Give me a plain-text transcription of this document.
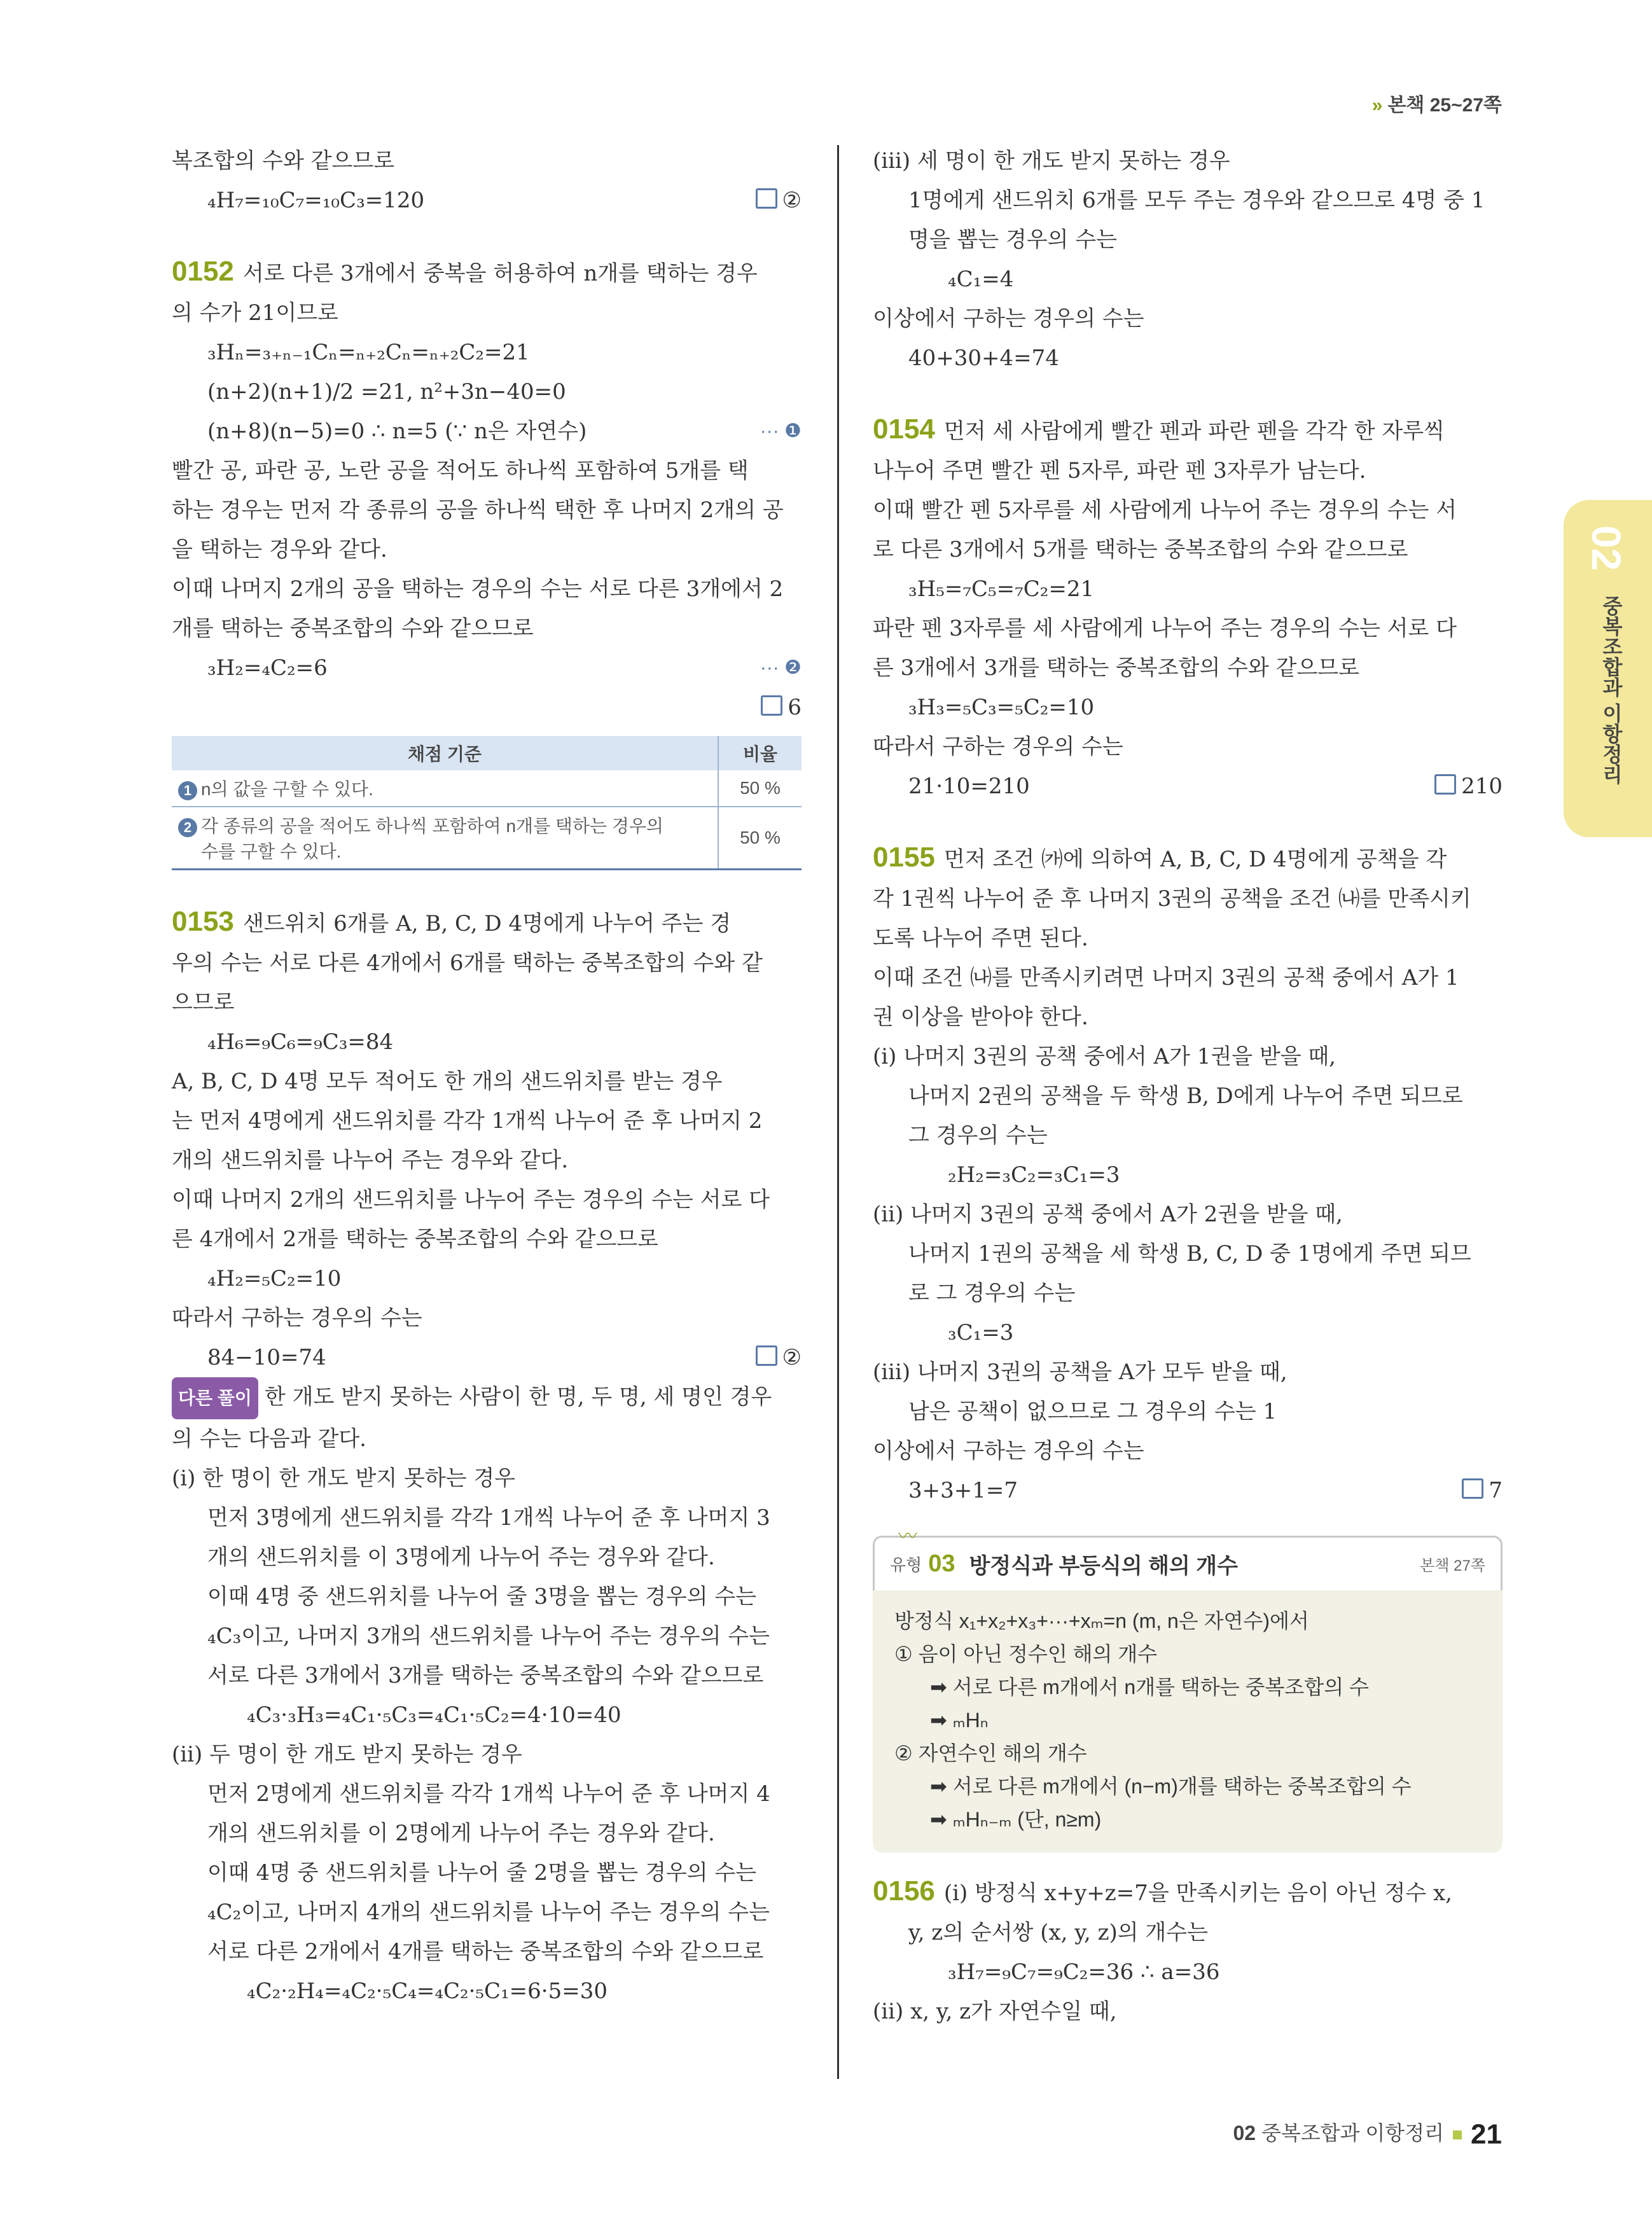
» 본책 25~27쪽
02
중복조합과 이항정리
복조합의 수와 같으므로
₄H₇=₁₀C₇=₁₀C₃=120	②
0152 서로 다른 3개에서 중복을 허용하여 n개를 택하는 경우
의 수가 21이므로
₃Hₙ=₃₊ₙ₋₁Cₙ=ₙ₊₂Cₙ=ₙ₊₂C₂=21
(n+2)(n+1)/2 =21, n²+3n−40=0
(n+8)(n−5)=0 ∴ n=5 (∵ n은 자연수)	··· ❶
빨간 공, 파란 공, 노란 공을 적어도 하나씩 포함하여 5개를 택
하는 경우는 먼저 각 종류의 공을 하나씩 택한 후 나머지 2개의 공
을 택하는 경우와 같다.
이때 나머지 2개의 공을 택하는 경우의 수는 서로 다른 3개에서 2
개를 택하는 중복조합의 수와 같으므로
₃H₂=₄C₂=6	··· ❷
6

채점 기준	비율
1 n의 값을 구할 수 있다.	50 %
2 각 종류의 공을 적어도 하나씩 포함하여 n개를 택하는 경우의
수를 구할 수 있다.	50 %
0153 샌드위치 6개를 A, B, C, D 4명에게 나누어 주는 경
우의 수는 서로 다른 4개에서 6개를 택하는 중복조합의 수와 같
으므로
₄H₆=₉C₆=₉C₃=84
A, B, C, D 4명 모두 적어도 한 개의 샌드위치를 받는 경우
는 먼저 4명에게 샌드위치를 각각 1개씩 나누어 준 후 나머지 2
개의 샌드위치를 나누어 주는 경우와 같다.
이때 나머지 2개의 샌드위치를 나누어 주는 경우의 수는 서로 다
른 4개에서 2개를 택하는 중복조합의 수와 같으므로
₄H₂=₅C₂=10
따라서 구하는 경우의 수는
84−10=74	②
다른 풀이 한 개도 받지 못하는 사람이 한 명, 두 명, 세 명인 경우
의 수는 다음과 같다.
(ⅰ) 한 명이 한 개도 받지 못하는 경우
먼저 3명에게 샌드위치를 각각 1개씩 나누어 준 후 나머지 3
개의 샌드위치를 이 3명에게 나누어 주는 경우와 같다.
이때 4명 중 샌드위치를 나누어 줄 3명을 뽑는 경우의 수는
₄C₃이고, 나머지 3개의 샌드위치를 나누어 주는 경우의 수는
서로 다른 3개에서 3개를 택하는 중복조합의 수와 같으므로
₄C₃·₃H₃=₄C₁·₅C₃=₄C₁·₅C₂=4·10=40
(ⅱ) 두 명이 한 개도 받지 못하는 경우
먼저 2명에게 샌드위치를 각각 1개씩 나누어 준 후 나머지 4
개의 샌드위치를 이 2명에게 나누어 주는 경우와 같다.
이때 4명 중 샌드위치를 나누어 줄 2명을 뽑는 경우의 수는
₄C₂이고, 나머지 4개의 샌드위치를 나누어 주는 경우의 수는
서로 다른 2개에서 4개를 택하는 중복조합의 수와 같으므로
₄C₂·₂H₄=₄C₂·₅C₄=₄C₂·₅C₁=6·5=30
(ⅲ) 세 명이 한 개도 받지 못하는 경우
1명에게 샌드위치 6개를 모두 주는 경우와 같으므로 4명 중 1
명을 뽑는 경우의 수는
₄C₁=4
이상에서 구하는 경우의 수는
40+30+4=74
0154 먼저 세 사람에게 빨간 펜과 파란 펜을 각각 한 자루씩
나누어 주면 빨간 펜 5자루, 파란 펜 3자루가 남는다.
이때 빨간 펜 5자루를 세 사람에게 나누어 주는 경우의 수는 서
로 다른 3개에서 5개를 택하는 중복조합의 수와 같으므로
₃H₅=₇C₅=₇C₂=21
파란 펜 3자루를 세 사람에게 나누어 주는 경우의 수는 서로 다
른 3개에서 3개를 택하는 중복조합의 수와 같으므로
₃H₃=₅C₃=₅C₂=10
따라서 구하는 경우의 수는
21·10=210	210
0155 먼저 조건 ㈎에 의하여 A, B, C, D 4명에게 공책을 각
각 1권씩 나누어 준 후 나머지 3권의 공책을 조건 ㈏를 만족시키
도록 나누어 주면 된다.
이때 조건 ㈏를 만족시키려면 나머지 3권의 공책 중에서 A가 1
권 이상을 받아야 한다.
(ⅰ) 나머지 3권의 공책 중에서 A가 1권을 받을 때,
나머지 2권의 공책을 두 학생 B, D에게 나누어 주면 되므로
그 경우의 수는
₂H₂=₃C₂=₃C₁=3
(ⅱ) 나머지 3권의 공책 중에서 A가 2권을 받을 때,
나머지 1권의 공책을 세 학생 B, C, D 중 1명에게 주면 되므
로 그 경우의 수는
₃C₁=3
(ⅲ) 나머지 3권의 공책을 A가 모두 받을 때,
남은 공책이 없으므로 그 경우의 수는 1
이상에서 구하는 경우의 수는
3+3+1=7	7
〰
유형 03 방정식과 부등식의 해의 개수	본책 27쪽
방정식 x₁+x₂+x₃+···+xₘ=n (m, n은 자연수)에서
① 음이 아닌 정수인 해의 개수
➡ 서로 다른 m개에서 n개를 택하는 중복조합의 수
➡ ₘHₙ
② 자연수인 해의 개수
➡ 서로 다른 m개에서 (n−m)개를 택하는 중복조합의 수
➡ ₘHₙ₋ₘ (단, n≥m)
0156 (ⅰ) 방정식 x+y+z=7을 만족시키는 음이 아닌 정수 x,
y, z의 순서쌍 (x, y, z)의 개수는
₃H₇=₉C₇=₉C₂=36 ∴ a=36
(ⅱ) x, y, z가 자연수일 때,
02 중복조합과 이항정리 21
